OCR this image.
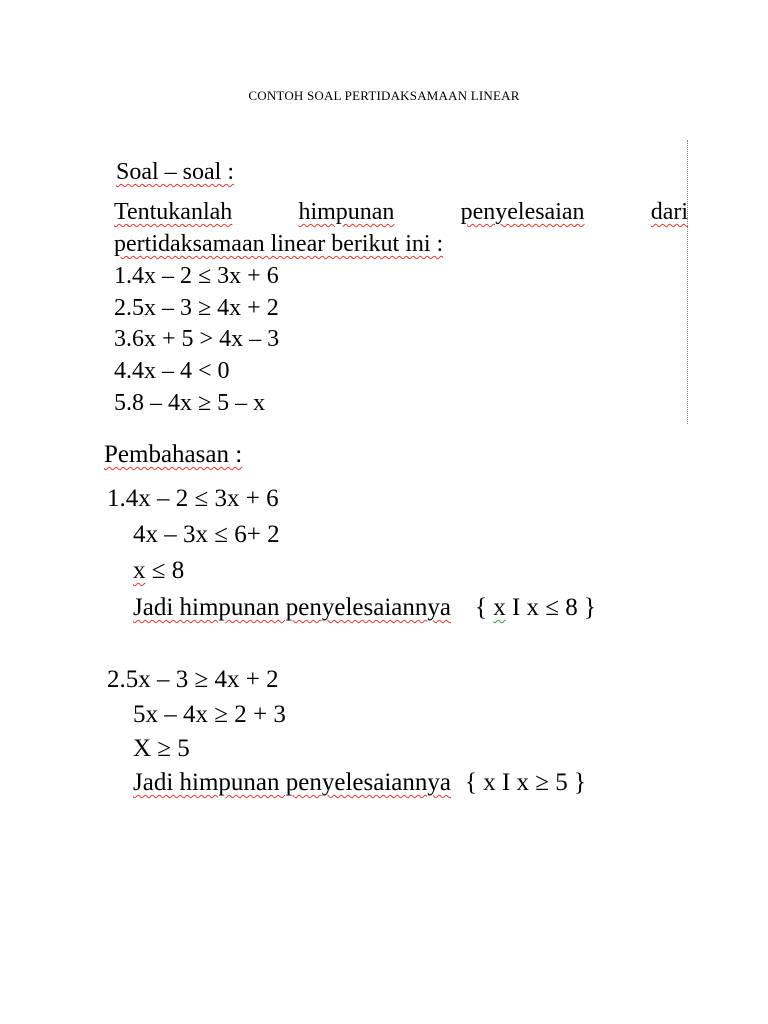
CONTOH SOAL PERTIDAKSAMAAN LINEAR
Soal – soal :
Tentukanlah	himpunan	penyelesaian	dari
pertidaksamaan linear berikut ini :
1.4x – 2 ≤ 3x + 6
2.5x – 3 ≥ 4x + 2
3.6x + 5 > 4x – 3
4.4x – 4 < 0
5.8 – 4x ≥ 5 – x
Pembahasan :
1.4x – 2 ≤ 3x + 6
4x – 3x ≤ 6+ 2
x ≤ 8
Jadi himpunan penyelesaiannya { x I x ≤ 8 }
2.5x – 3 ≥ 4x + 2
5x – 4x ≥ 2 + 3
X ≥ 5
Jadi himpunan penyelesaiannya { x I x ≥ 5 }
